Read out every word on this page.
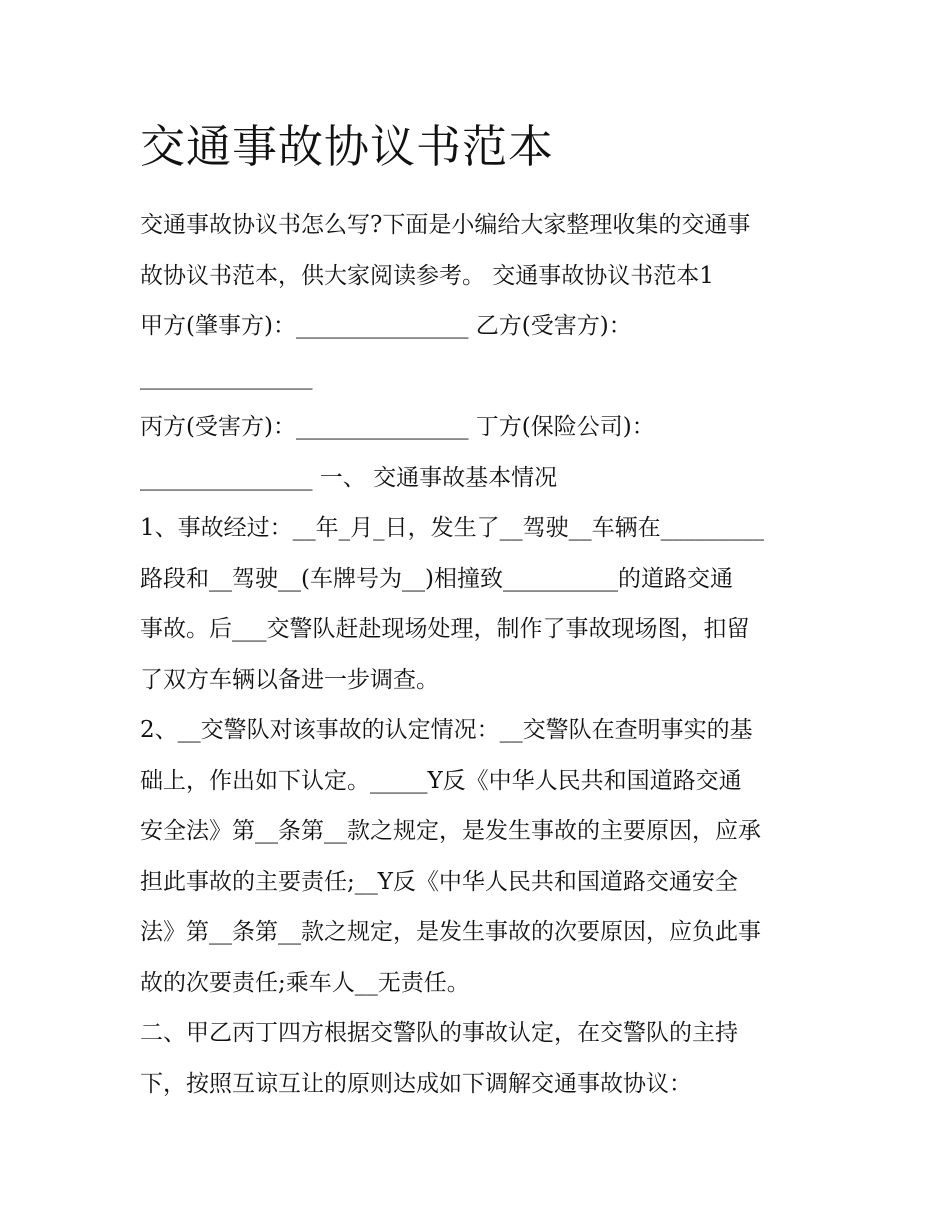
交通事故协议书范本
交通事故协议书怎么写?下面是小编给大家整理收集的交通事
故协议书范本，供大家阅读参考。 交通事故协议书范本1
甲方(肇事方)：_______________ 乙方(受害方)：
_______________
丙方(受害方)：_______________ 丁方(保险公司)：
_______________ 一、 交通事故基本情况
1、事故经过：__年_月_日，发生了__驾驶__车辆在_________
路段和__驾驶__(车牌号为__)相撞致__________的道路交通
事故。后___交警队赶赴现场处理，制作了事故现场图，扣留
了双方车辆以备进一步调查。
2、__交警队对该事故的认定情况：__交警队在查明事实的基
础上，作出如下认定。_____Y反《中华人民共和国道路交通
安全法》第__条第__款之规定，是发生事故的主要原因，应承
担此事故的主要责任;__Y反《中华人民共和国道路交通安全
法》第__条第__款之规定，是发生事故的次要原因，应负此事
故的次要责任;乘车人__无责任。
二、甲乙丙丁四方根据交警队的事故认定，在交警队的主持
下，按照互谅互让的原则达成如下调解交通事故协议：
